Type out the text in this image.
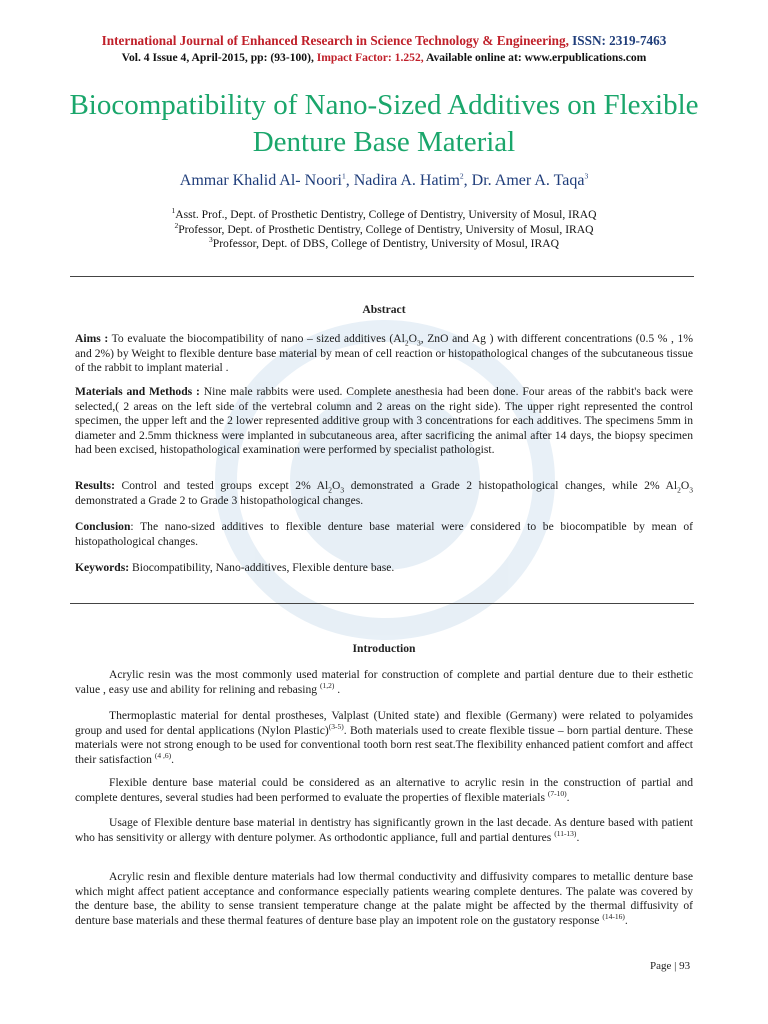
International Journal of Enhanced Research in Science Technology & Engineering, ISSN: 2319-7463
Vol. 4 Issue 4, April-2015, pp: (93-100), Impact Factor: 1.252, Available online at: www.erpublications.com
Biocompatibility of Nano-Sized Additives on Flexible Denture Base Material
Ammar Khalid Al- Noori$^1$, Nadira A. Hatim$^2$, Dr. Amer A. Taqa$^3$
$^1$Asst. Prof., Dept. of Prosthetic Dentistry, College of Dentistry, University of Mosul, IRAQ
$^2$Professor, Dept. of Prosthetic Dentistry, College of Dentistry, University of Mosul, IRAQ
$^3$Professor, Dept. of DBS, College of Dentistry, University of Mosul, IRAQ
Abstract
Aims : To evaluate the biocompatibility of nano – sized additives ($Al_2O_3$, ZnO and Ag ) with different concentrations (0.5 % , 1% and 2%) by Weight to flexible denture base material by mean of cell reaction or histopathological changes of the subcutaneous tissue of the rabbit to implant material .
Materials and Methods : Nine male rabbits were used. Complete anesthesia had been done. Four areas of the rabbit's back were selected,( 2 areas on the left side of the vertebral column and 2 areas on the right side). The upper right represented the control specimen, the upper left and the 2 lower represented additive group with 3 concentrations for each additives. The specimens 5mm in diameter and 2.5mm thickness were implanted in subcutaneous area, after sacrificing the animal after 14 days, the biopsy specimen had been excised, histopathological examination were performed by specialist pathologist.
Results: Control and tested groups except 2% $Al_2O_3$ demonstrated a Grade 2 histopathological changes, while 2% $Al_2O_3$ demonstrated a Grade 2 to Grade 3 histopathological changes.
Conclusion: The nano-sized additives to flexible denture base material were considered to be biocompatible by mean of histopathological changes.
Keywords: Biocompatibility, Nano-additives, Flexible denture base.
Introduction
Acrylic resin was the most commonly used material for construction of complete and partial denture due to their esthetic value , easy use and ability for relining and rebasing $^{(1,2)}$ .
Thermoplastic material for dental prostheses, Valplast (United state) and flexible (Germany) were related to polyamides group and used for dental applications (Nylon Plastic)$^{(3-5)}$. Both materials used to create flexible tissue – born partial denture. These materials were not strong enough to be used for conventional tooth born rest seat.The flexibility enhanced patient comfort and affect their satisfaction $^{(4 ,6)}$.
Flexible denture base material could be considered as an alternative to acrylic resin in the construction of partial and complete dentures, several studies had been performed to evaluate the properties of flexible materials $^{(7-10)}$.
Usage of Flexible denture base material in dentistry has significantly grown in the last decade. As denture based with patient who has sensitivity or allergy with denture polymer. As orthodontic appliance, full and partial dentures $^{(11-13)}$.
Acrylic resin and flexible denture materials had low thermal conductivity and diffusivity compares to metallic denture base which might affect patient acceptance and conformance especially patients wearing complete dentures. The palate was covered by the denture base, the ability to sense transient temperature change at the palate might be affected by the thermal diffusivity of denture base materials and these thermal features of denture base play an impotent role on the gustatory response $^{(14-16)}$.
Page | 93
